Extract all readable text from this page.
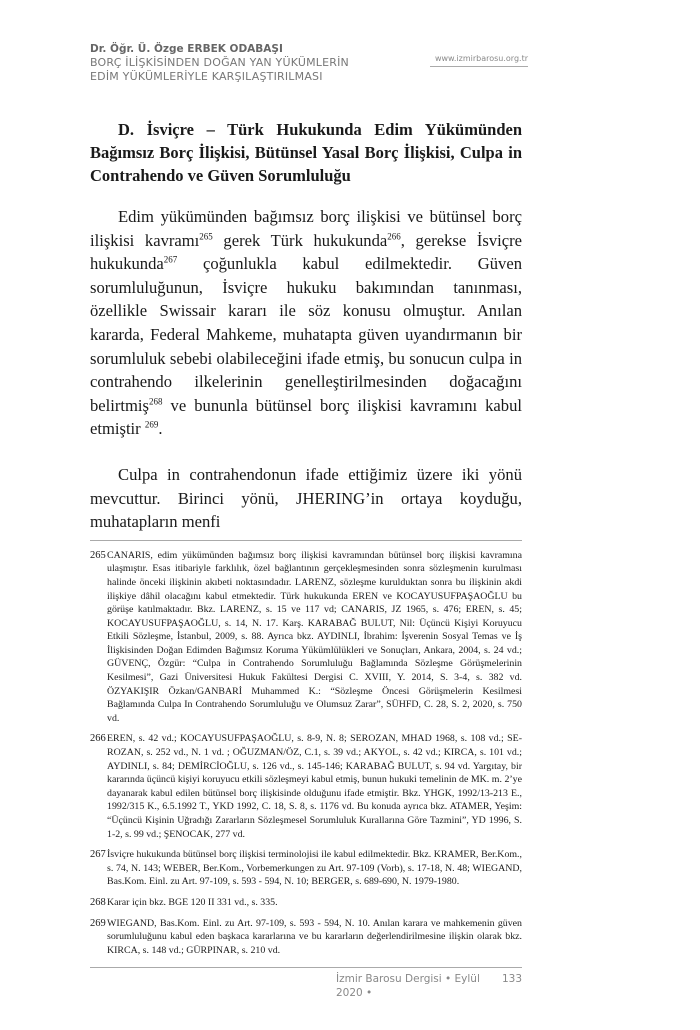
Dr. Öğr. Ü. Özge ERBEK ODABAŞI
BORÇ İLİŞKİSİNDEN DOĞAN YAN YÜKÜMLERİN
EDİM YÜKÜMLERİYLE KARŞILAŞTIRILMASI
www.izmirbarosu.org.tr
D. İsviçre – Türk Hukukunda Edim Yükümünden Bağımsız Borç İlişkisi, Bütünsel Yasal Borç İlişkisi, Culpa in Contrahendo ve Güven Sorumluluğu

Edim yükümünden bağımsız borç ilişkisi ve bütünsel borç ilişkisi kavramı$^{265}$ gerek Türk hukukunda$^{266}$, gerekse İsviçre hukukunda$^{267}$ çoğunlukla kabul edilmektedir. Güven sorumluluğunun, İsviçre hukuku bakımından tanınması, özellikle Swissair kararı ile söz konusu olmuştur. Anılan kararda, Federal Mahkeme, muhatapta güven uyandırmanın bir sorumluluk sebebi olabileceğini ifade etmiş, bu sonucun culpa in contrahendo ilkelerinin genelleştirilmesinden doğacağını belirtmiş$^{268}$ ve bununla bütünsel borç ilişkisi kavramını kabul etmiştir $^{269}$.

Culpa in contrahendonun ifade ettiğimiz üzere iki yönü mevcuttur. Birinci yönü, JHERING’in ortaya koyduğu, muhatapların menfi

265 CANARIS, edim yükümünden bağımsız borç ilişkisi kavramından bütünsel borç ilişkisi kavramına ulaşmıştır. Esas itibariyle farklılık, özel bağlantının gerçekleşmesinden sonra sözleşmenin kurulması halinde önceki ilişkinin akıbeti noktasındadır. LARENZ, sözleşme kurulduktan sonra bu ilişkinin akdi ilişkiye dâhil olacağını kabul etmektedir. Türk hukukunda EREN ve KOCAYUSUFPAŞAOĞLU bu görüşe katılmaktadır. Bkz. LARENZ, s. 15 ve 117 vd; CANARIS, JZ 1965, s. 476; EREN, s. 45; KOCAYUSUFPAŞAOĞLU, s. 14, N. 17. Karş. KARABAĞ BULUT, Nil: Üçüncü Kişiyi Koruyucu Etkili Sözleşme, İstanbul, 2009, s. 88. Ayrıca bkz. AYDINLI, İbrahim: İşverenin Sosyal Temas ve İş İlişkisinden Doğan Edimden Bağımsız Koruma Yükümlülükleri ve Sonuçları, Ankara, 2004, s. 24 vd.; GÜVENÇ, Özgür: “Culpa in Contrahendo Sorumluluğu Bağlamında Sözleşme Görüşmelerinin Kesilmesi”, Gazi Üniversitesi Hukuk Fakültesi Dergisi C. XVIII, Y. 2014, S. 3-4, s. 382 vd. ÖZYAKIŞIR Özkan/GANBARİ Muhammed K.: “Sözleşme Öncesi Görüşmelerin Kesilmesi Bağlamında Culpa In Contrahendo Sorumluluğu ve Olumsuz Zarar”, SÜHFD, C. 28, S. 2, 2020, s. 750 vd.
266 EREN, s. 42 vd.; KOCAYUSUFPAŞAOĞLU, s. 8-9, N. 8; SEROZAN, MHAD 1968, s. 108 vd.; SEROZAN, s. 252 vd., N. 1 vd. ; OĞUZMAN/ÖZ, C.1, s. 39 vd.; AKYOL, s. 42 vd.; KIRCA, s. 101 vd.; AYDINLI, s. 84; DEMİRCİOĞLU, s. 126 vd., s. 145-146; KARABAĞ BULUT, s. 94 vd. Yargıtay, bir kararında üçüncü kişiyi koruyucu etkili sözleşmeyi kabul etmiş, bunun hukuki temelinin de MK. m. 2’ye dayanarak kabul edilen bütünsel borç ilişkisinde olduğunu ifade etmiştir. Bkz. YHGK, 1992/13-213 E., 1992/315 K., 6.5.1992 T., YKD 1992, C. 18, S. 8, s. 1176 vd. Bu konuda ayrıca bkz. ATAMER, Yeşim: “Üçüncü Kişinin Uğradığı Zararların Sözleşmesel Sorumluluk Kurallarına Göre Tazmini”, YD 1996, S. 1-2, s. 99 vd.; ŞENOCAK, 277 vd.
267 İsviçre hukukunda bütünsel borç ilişkisi terminolojisi ile kabul edilmektedir. Bkz. KRAMER, Ber.Kom., s. 74, N. 143; WEBER, Ber.Kom., Vorbemerkungen zu Art. 97-109 (Vorb), s. 17-18, N. 48; WIEGAND, Bas.Kom. Einl. zu Art. 97-109, s. 593 - 594, N. 10; BERGER, s. 689-690, N. 1979-1980.
268 Karar için bkz. BGE 120 II 331 vd., s. 335.
269 WIEGAND, Bas.Kom. Einl. zu Art. 97-109, s. 593 - 594, N. 10. Anılan karara ve mahkemenin güven sorumluluğunu kabul eden başkaca kararlarına ve bu kararların değerlendirilmesine ilişkin olarak bkz. KIRCA, s. 148 vd.; GÜRPINAR, s. 210 vd.
İzmir Barosu Dergisi • Eylül 2020 •
133
